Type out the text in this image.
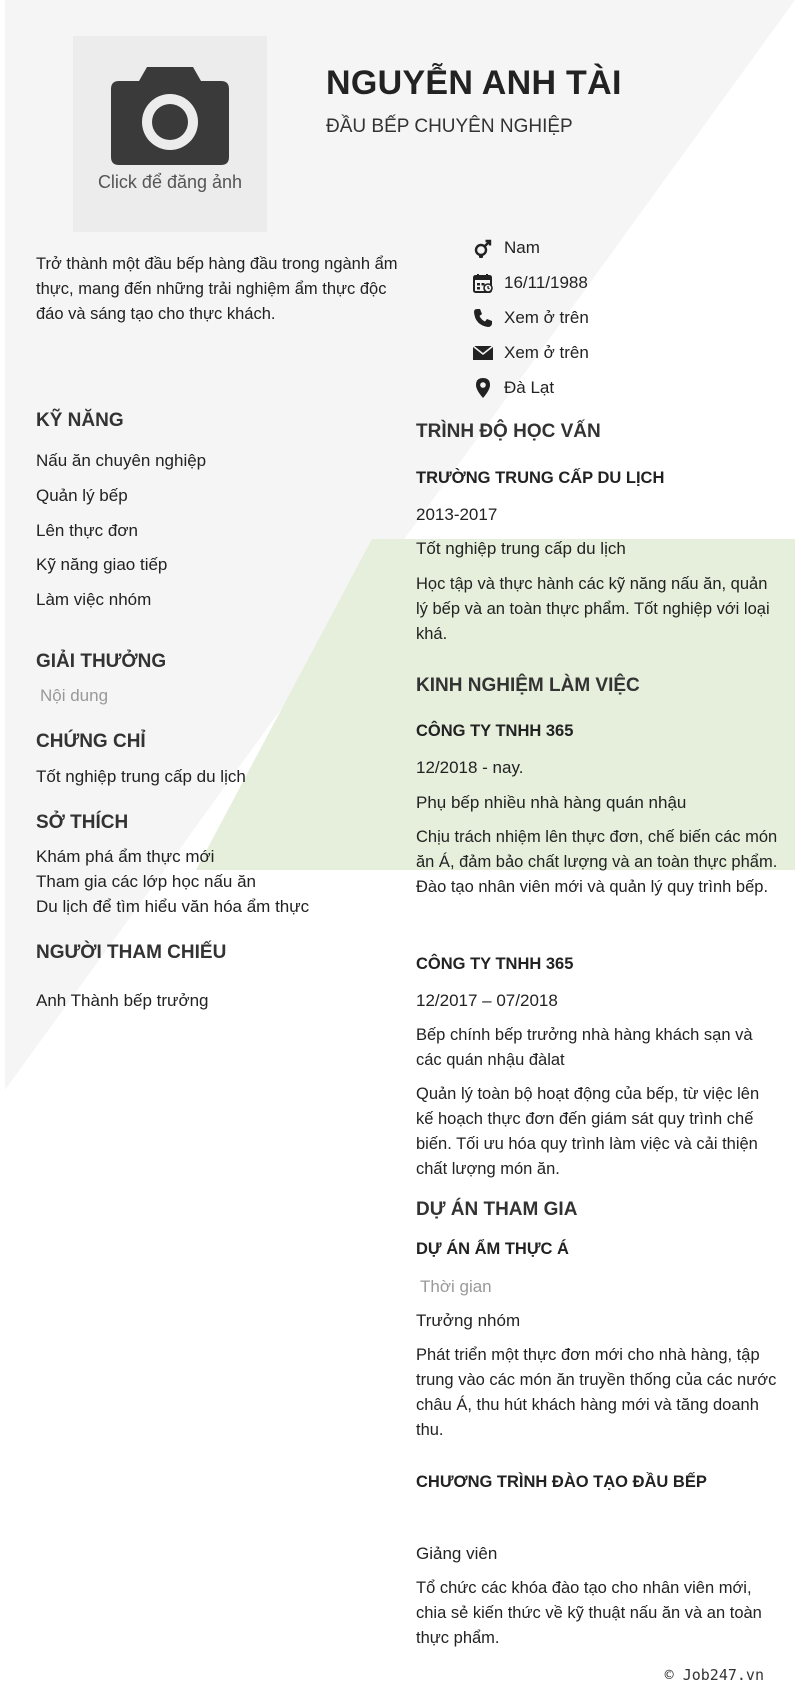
Click để đăng ảnh
NGUYỄN ANH TÀI
ĐẦU BẾP CHUYÊN NGHIỆP
Trở thành một đầu bếp hàng đầu trong ngành ẩm thực, mang đến những trải nghiệm ẩm thực độc đáo và sáng tạo cho thực khách.
Nam
16/11/1988
Xem ở trên
Xem ở trên
Đà Lạt
KỸ NĂNG
Nấu ăn chuyên nghiệp
Quản lý bếp
Lên thực đơn
Kỹ năng giao tiếp
Làm việc nhóm
GIẢI THƯỞNG
Nội dung
CHỨNG CHỈ
Tốt nghiệp trung cấp du lịch
SỞ THÍCH
Khám phá ẩm thực mới
Tham gia các lớp học nấu ăn
Du lịch để tìm hiểu văn hóa ẩm thực
NGƯỜI THAM CHIẾU
Anh Thành bếp trưởng
TRÌNH ĐỘ HỌC VẤN
TRƯỜNG TRUNG CẤP DU LỊCH
2013-2017
Tốt nghiệp trung cấp du lịch
Học tập và thực hành các kỹ năng nấu ăn, quản lý bếp và an toàn thực phẩm. Tốt nghiệp với loại khá.
KINH NGHIỆM LÀM VIỆC
CÔNG TY TNHH 365
12/2018 - nay.
Phụ bếp nhiều nhà hàng quán nhậu
Chịu trách nhiệm lên thực đơn, chế biến các món ăn Á, đảm bảo chất lượng và an toàn thực phẩm. Đào tạo nhân viên mới và quản lý quy trình bếp.
CÔNG TY TNHH 365
12/2017 – 07/2018
Bếp chính bếp trưởng nhà hàng khách sạn và các quán nhậu đàlat
Quản lý toàn bộ hoạt động của bếp, từ việc lên kế hoạch thực đơn đến giám sát quy trình chế biến. Tối ưu hóa quy trình làm việc và cải thiện chất lượng món ăn.
DỰ ÁN THAM GIA
DỰ ÁN ẨM THỰC Á
Thời gian
Trưởng nhóm
Phát triển một thực đơn mới cho nhà hàng, tập trung vào các món ăn truyền thống của các nước châu Á, thu hút khách hàng mới và tăng doanh thu.
CHƯƠNG TRÌNH ĐÀO TẠO ĐẦU BẾP
Giảng viên
Tổ chức các khóa đào tạo cho nhân viên mới, chia sẻ kiến thức về kỹ thuật nấu ăn và an toàn thực phẩm.
© Job247.vn
